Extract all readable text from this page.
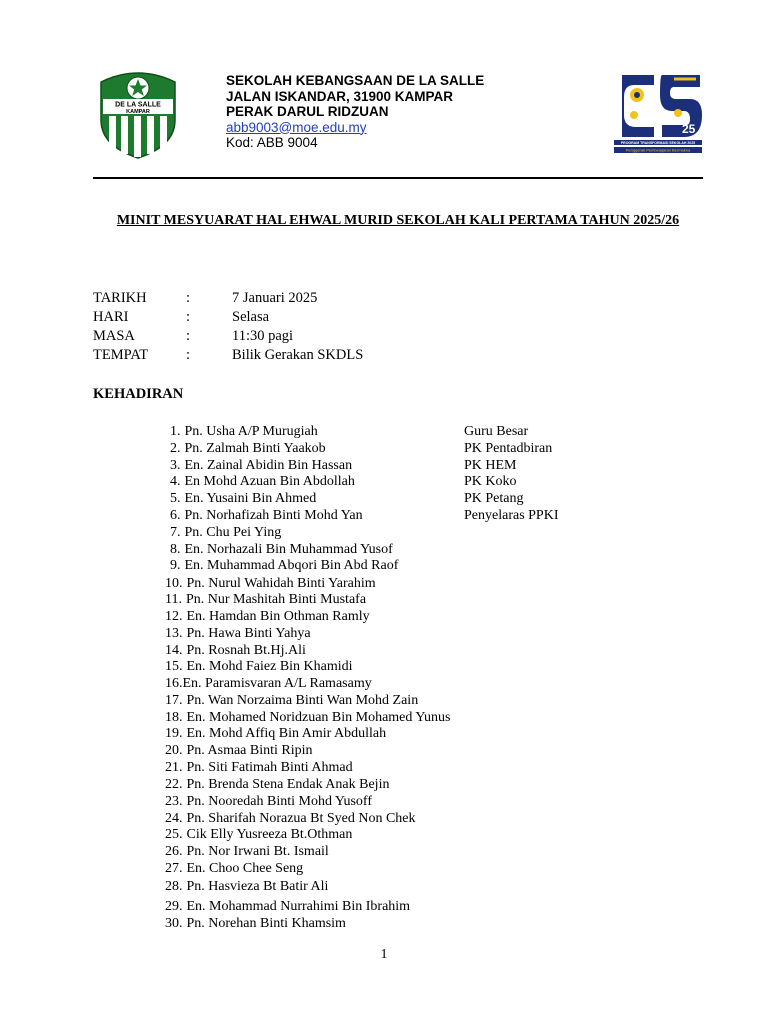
DE LA SALLE
KAMPAR
SEKOLAH KEBANGSAAN DE LA SALLE
JALAN ISKANDAR, 31900 KAMPAR
PERAK DARUL RIDZUAN
abb9003@moe.edu.my
Kod: ABB 9004
25
PROGRAM TRANSFORMASI SEKOLAH 2025
Penggerak Pembelajaran Bermakna
MINIT MESYUARAT HAL EHWAL MURID SEKOLAH KALI PERTAMA TAHUN 2025/26
TARIKH	:	7 Januari 2025
HARI	:	Selasa
MASA	:	11:30 pagi
TEMPAT	:	Bilik Gerakan SKDLS
KEHADIRAN
1. Pn. Usha A/P Murugiah	Guru Besar
2. Pn. Zalmah Binti Yaakob	PK Pentadbiran
3. En. Zainal Abidin Bin Hassan	PK HEM
4. En Mohd Azuan Bin Abdollah	PK Koko
5. En. Yusaini Bin Ahmed	PK Petang
6. Pn. Norhafizah Binti Mohd Yan	Penyelaras PPKI
7. Pn. Chu Pei Ying
8. En. Norhazali Bin Muhammad Yusof
9. En. Muhammad Abqori Bin Abd Raof
10. Pn. Nurul Wahidah Binti Yarahim
11. Pn. Nur Mashitah Binti Mustafa
12. En. Hamdan Bin Othman Ramly
13. Pn. Hawa Binti Yahya
14. Pn. Rosnah Bt.Hj.Ali
15. En. Mohd Faiez Bin Khamidi
16.En. Paramisvaran A/L Ramasamy
17. Pn. Wan Norzaima Binti Wan Mohd Zain
18. En. Mohamed Noridzuan Bin Mohamed Yunus
19. En. Mohd Affiq Bin Amir Abdullah
20. Pn. Asmaa Binti Ripin
21. Pn. Siti Fatimah Binti Ahmad
22. Pn. Brenda Stena Endak Anak Bejin
23. Pn. Nooredah Binti Mohd Yusoff
24. Pn. Sharifah Norazua Bt Syed Non Chek
25. Cik Elly Yusreeza Bt.Othman
26. Pn. Nor Irwani Bt. Ismail
27. En. Choo Chee Seng
28. Pn. Hasvieza Bt Batir Ali
29. En. Mohammad Nurrahimi Bin Ibrahim
30. Pn. Norehan Binti Khamsim
1
